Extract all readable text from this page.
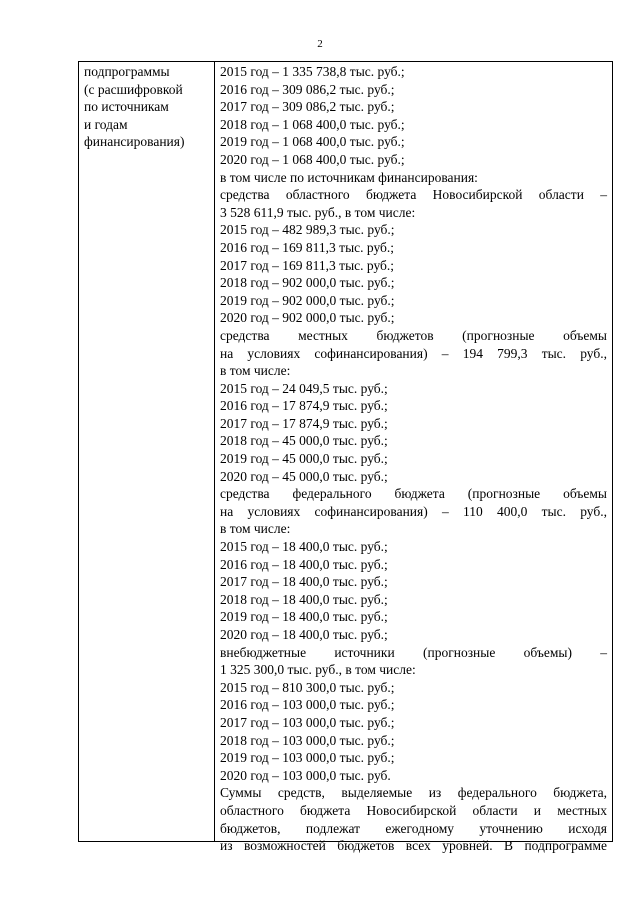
2
подпрограммы
(с расшифровкой
по источникам
и годам
финансирования)
2015 год – 1 335 738,8 тыс. руб.;
2016 год – 309 086,2 тыс. руб.;
2017 год – 309 086,2 тыс. руб.;
2018 год – 1 068 400,0 тыс. руб.;
2019 год – 1 068 400,0 тыс. руб.;
2020 год – 1 068 400,0 тыс. руб.;
в том числе по источникам финансирования:
средства областного бюджета Новосибирской области –
3 528 611,9 тыс. руб., в том числе:
2015 год – 482 989,3 тыс. руб.;
2016 год – 169 811,3 тыс. руб.;
2017 год – 169 811,3 тыс. руб.;
2018 год – 902 000,0 тыс. руб.;
2019 год – 902 000,0 тыс. руб.;
2020 год – 902 000,0 тыс. руб.;
средства местных бюджетов (прогнозные объемы
на условиях софинансирования) – 194 799,3 тыс. руб.,
в том числе:
2015 год – 24 049,5 тыс. руб.;
2016 год – 17 874,9 тыс. руб.;
2017 год – 17 874,9 тыс. руб.;
2018 год – 45 000,0 тыс. руб.;
2019 год – 45 000,0 тыс. руб.;
2020 год – 45 000,0 тыс. руб.;
средства федерального бюджета (прогнозные объемы
на условиях софинансирования) – 110 400,0 тыс. руб.,
в том числе:
2015 год – 18 400,0 тыс. руб.;
2016 год – 18 400,0 тыс. руб.;
2017 год – 18 400,0 тыс. руб.;
2018 год – 18 400,0 тыс. руб.;
2019 год – 18 400,0 тыс. руб.;
2020 год – 18 400,0 тыс. руб.;
внебюджетные источники (прогнозные объемы) –
1 325 300,0 тыс. руб., в том числе:
2015 год – 810 300,0 тыс. руб.;
2016 год – 103 000,0 тыс. руб.;
2017 год – 103 000,0 тыс. руб.;
2018 год – 103 000,0 тыс. руб.;
2019 год – 103 000,0 тыс. руб.;
2020 год – 103 000,0 тыс. руб.
Суммы средств, выделяемые из федерального бюджета,
областного бюджета Новосибирской области и местных
бюджетов, подлежат ежегодному уточнению исходя
из возможностей бюджетов всех уровней. В подпрограмме
